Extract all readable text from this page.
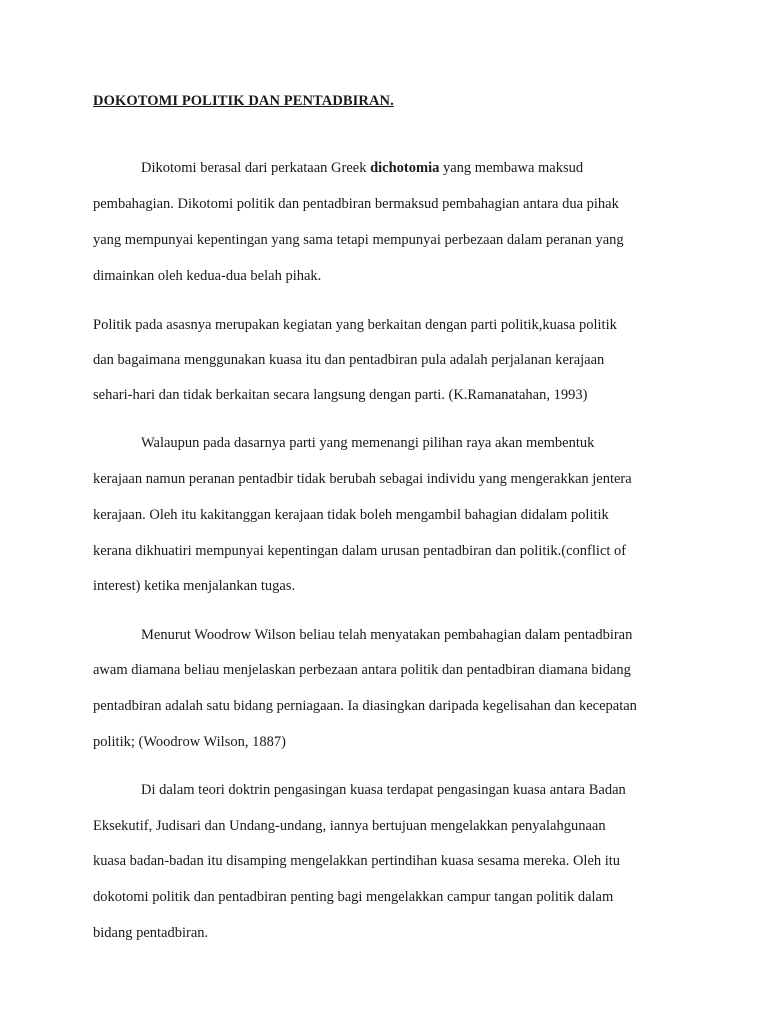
DOKOTOMI POLITIK DAN PENTADBIRAN.
Dikotomi berasal dari perkataan Greek dichotomia yang membawa maksud
pembahagian. Dikotomi politik dan pentadbiran bermaksud pembahagian antara dua pihak
yang mempunyai kepentingan yang sama tetapi mempunyai perbezaan dalam peranan yang
dimainkan oleh kedua-dua belah pihak.
Politik pada asasnya merupakan kegiatan yang berkaitan dengan parti politik,kuasa politik
dan bagaimana menggunakan kuasa itu dan pentadbiran pula adalah perjalanan kerajaan
sehari-hari dan tidak berkaitan secara langsung dengan parti. (K.Ramanatahan, 1993)
Walaupun pada dasarnya parti yang memenangi pilihan raya akan membentuk
kerajaan namun peranan pentadbir tidak berubah sebagai individu yang mengerakkan jentera
kerajaan. Oleh itu kakitanggan kerajaan tidak boleh mengambil bahagian didalam politik
kerana dikhuatiri mempunyai kepentingan dalam urusan pentadbiran dan politik.(conflict of
interest) ketika menjalankan tugas.
Menurut Woodrow Wilson beliau telah menyatakan pembahagian dalam pentadbiran
awam diamana beliau menjelaskan perbezaan antara politik dan pentadbiran diamana bidang
pentadbiran adalah satu bidang perniagaan. Ia diasingkan daripada kegelisahan dan kecepatan
politik; (Woodrow Wilson, 1887)
Di dalam teori doktrin pengasingan kuasa terdapat pengasingan kuasa antara Badan
Eksekutif, Judisari dan Undang-undang, iannya bertujuan mengelakkan penyalahgunaan
kuasa badan-badan itu disamping mengelakkan pertindihan kuasa sesama mereka. Oleh itu
dokotomi politik dan pentadbiran penting bagi mengelakkan campur tangan politik dalam
bidang pentadbiran.
